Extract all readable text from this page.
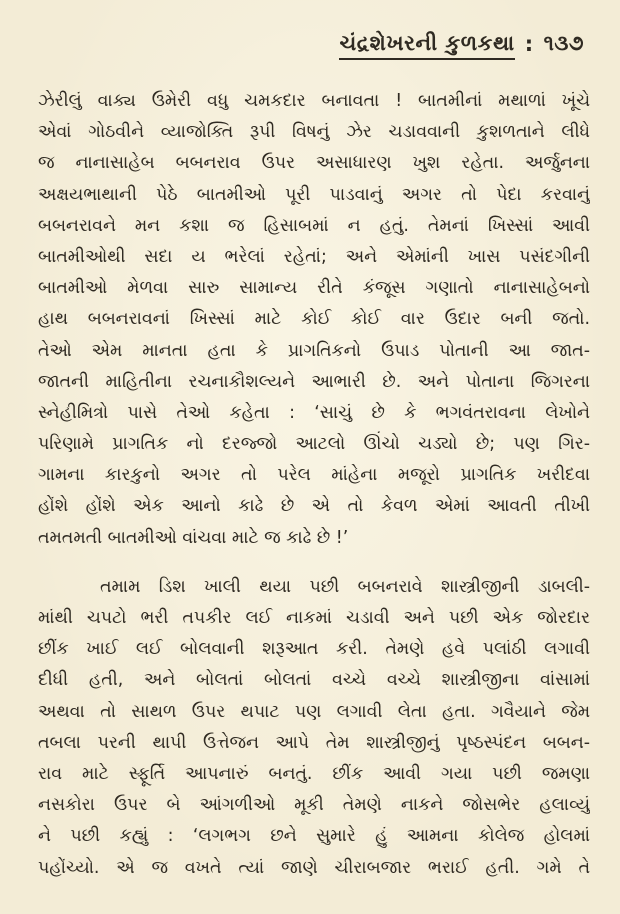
ચંદ્રશેખરની કુળકથા : ૧૩૭
ઝેરીલું વાક્ય ઉમેરી વધુ ચમકદાર બનાવતા ! બાતમીનાં મથાળાં ખૂંચે
એવાં ગોઠવીને વ્યાજોક્તિ રૂપી વિષનું ઝેર ચડાવવાની કુશળતાને લીધે
જ નાનાસાહેબ બબનરાવ ઉપર અસાધારણ ખુશ રહેતા. અર્જુનના
અક્ષયભાથાની પેઠે બાતમીઓ પૂરી પાડવાનું અગર તો પેદા કરવાનું
બબનરાવને મન કશા જ હિસાબમાં ન હતું. તેમનાં ખિસ્સાં આવી
બાતમીઓથી સદા ય ભરેલાં રહેતાં; અને એમાંની ખાસ પસંદગીની
બાતમીઓ મેળવા સારુ સામાન્ય રીતે કંજૂસ ગણાતો નાનાસાહેબનો
હાથ બબનરાવનાં ખિસ્સાં માટે કોઈ કોઈ વાર ઉદાર બની જતો.
તેઓ એમ માનતા હતા કે પ્રાગતિકનો ઉપાડ પોતાની આ જાત-
જાતની માહિતીના રચનાકૌશલ્યને આભારી છે. અને પોતાના જિગરના
સ્નેહીમિત્રો પાસે તેઓ કહેતા : ‘સાચું છે કે ભગવંતરાવના લેખોને
પરિણામે પ્રાગતિક નો દરજ્જો આટલો ઊંચો ચડ્યો છે; પણ ગિર-
ગામના કારકુનો અગર તો પરેલ માંહેના મજૂરો પ્રાગતિક ખરીદવા
હોંશે હોંશે એક આનો કાઢે છે એ તો કેવળ એમાં આવતી તીખી
તમતમતી બાતમીઓ વાંચવા માટે જ કાઢે છે !’
તમામ ડિશ ખાલી થયા પછી બબનરાવે શાસ્ત્રીજીની ડાબલી-
માંથી ચપટો ભરી તપકીર લઈ નાકમાં ચડાવી અને પછી એક જોરદાર
છીંક ખાઈ લઈ બોલવાની શરૂઆત કરી. તેમણે હવે પલાંઠી લગાવી
દીધી હતી, અને બોલતાં બોલતાં વચ્ચે વચ્ચે શાસ્ત્રીજીના વાંસામાં
અથવા તો સાથળ ઉપર થપાટ પણ લગાવી લેતા હતા. ગવૈયાને જેમ
તબલા પરની થાપી ઉત્તેજન આપે તેમ શાસ્ત્રીજીનું પૃષ્ઠસ્પંદન બબન-
રાવ માટે સ્ફૂર્તિ આપનારું બનતું. છીંક આવી ગયા પછી જમણા
નસકોરા ઉપર બે આંગળીઓ મૂકી તેમણે નાકને જોસભેર હલાવ્યું
ને પછી કહ્યું : ‘લગભગ છને સુમારે હું આમના કોલેજ હોલમાં
પહોંચ્યો. એ જ વખતે ત્યાં જાણે ચીરાબજાર ભરાઈ હતી. ગમે તે
